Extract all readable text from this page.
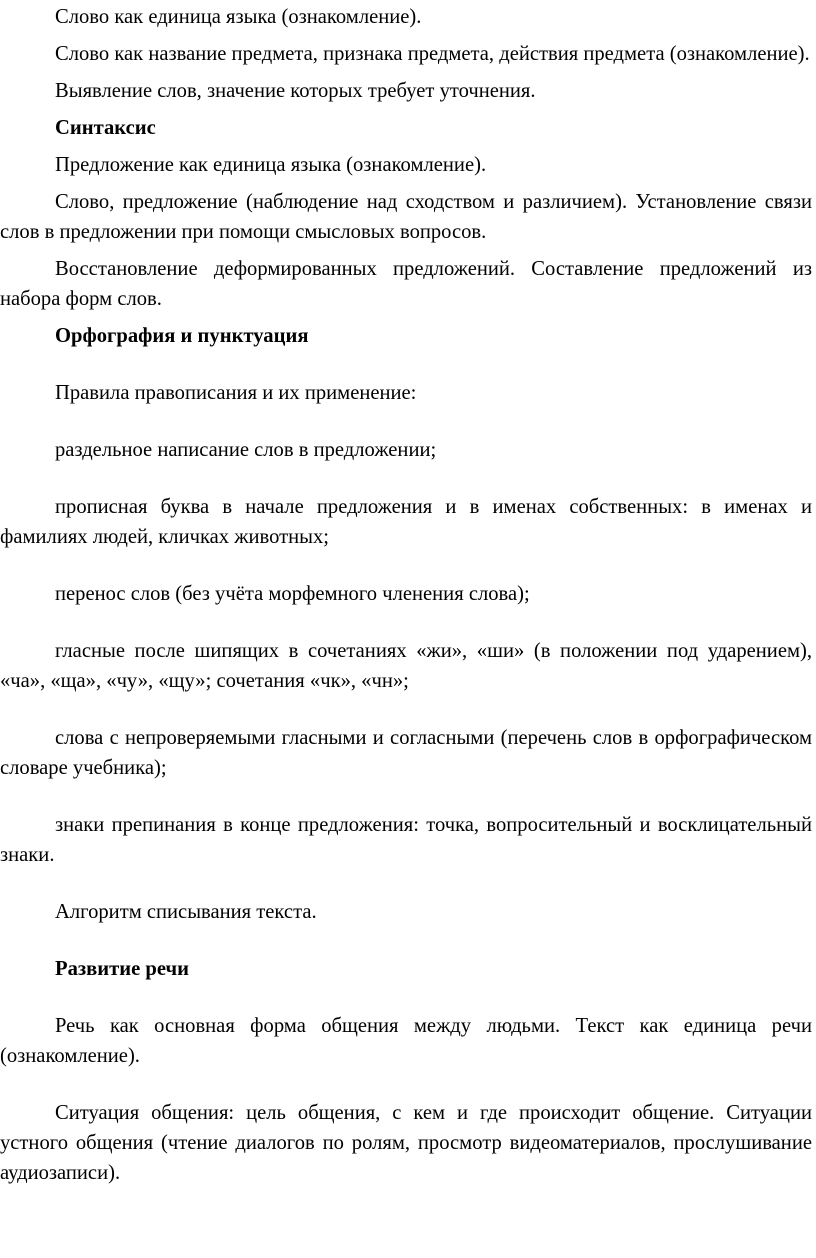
Слово как единица языка (ознакомление).

Слово как название предмета, признака предмета, действия предмета (ознакомление).

Выявление слов, значение которых требует уточнения.

Синтаксис

Предложение как единица языка (ознакомление).

Слово, предложение (наблюдение над сходством и различием). Установление связи слов в предложении при помощи смысловых вопросов.

Восстановление деформированных предложений. Составление предложений из набора форм слов.

Орфография и пунктуация

Правила правописания и их применение:

раздельное написание слов в предложении;

прописная буква в начале предложения и в именах собственных: в именах и фамилиях людей, кличках животных;

перенос слов (без учёта морфемного членения слова);

гласные после шипящих в сочетаниях «жи», «ши» (в положении под ударением), «ча», «ща», «чу», «щу»; сочетания «чк», «чн»;

слова с непроверяемыми гласными и согласными (перечень слов в орфографическом словаре учебника);

знаки препинания в конце предложения: точка, вопросительный и восклицательный знаки.

Алгоритм списывания текста.

Развитие речи

Речь как основная форма общения между людьми. Текст как единица речи (ознакомление).

Ситуация общения: цель общения, с кем и где происходит общение. Ситуации устного общения (чтение диалогов по ролям, просмотр видеоматериалов, прослушивание аудиозаписи).
